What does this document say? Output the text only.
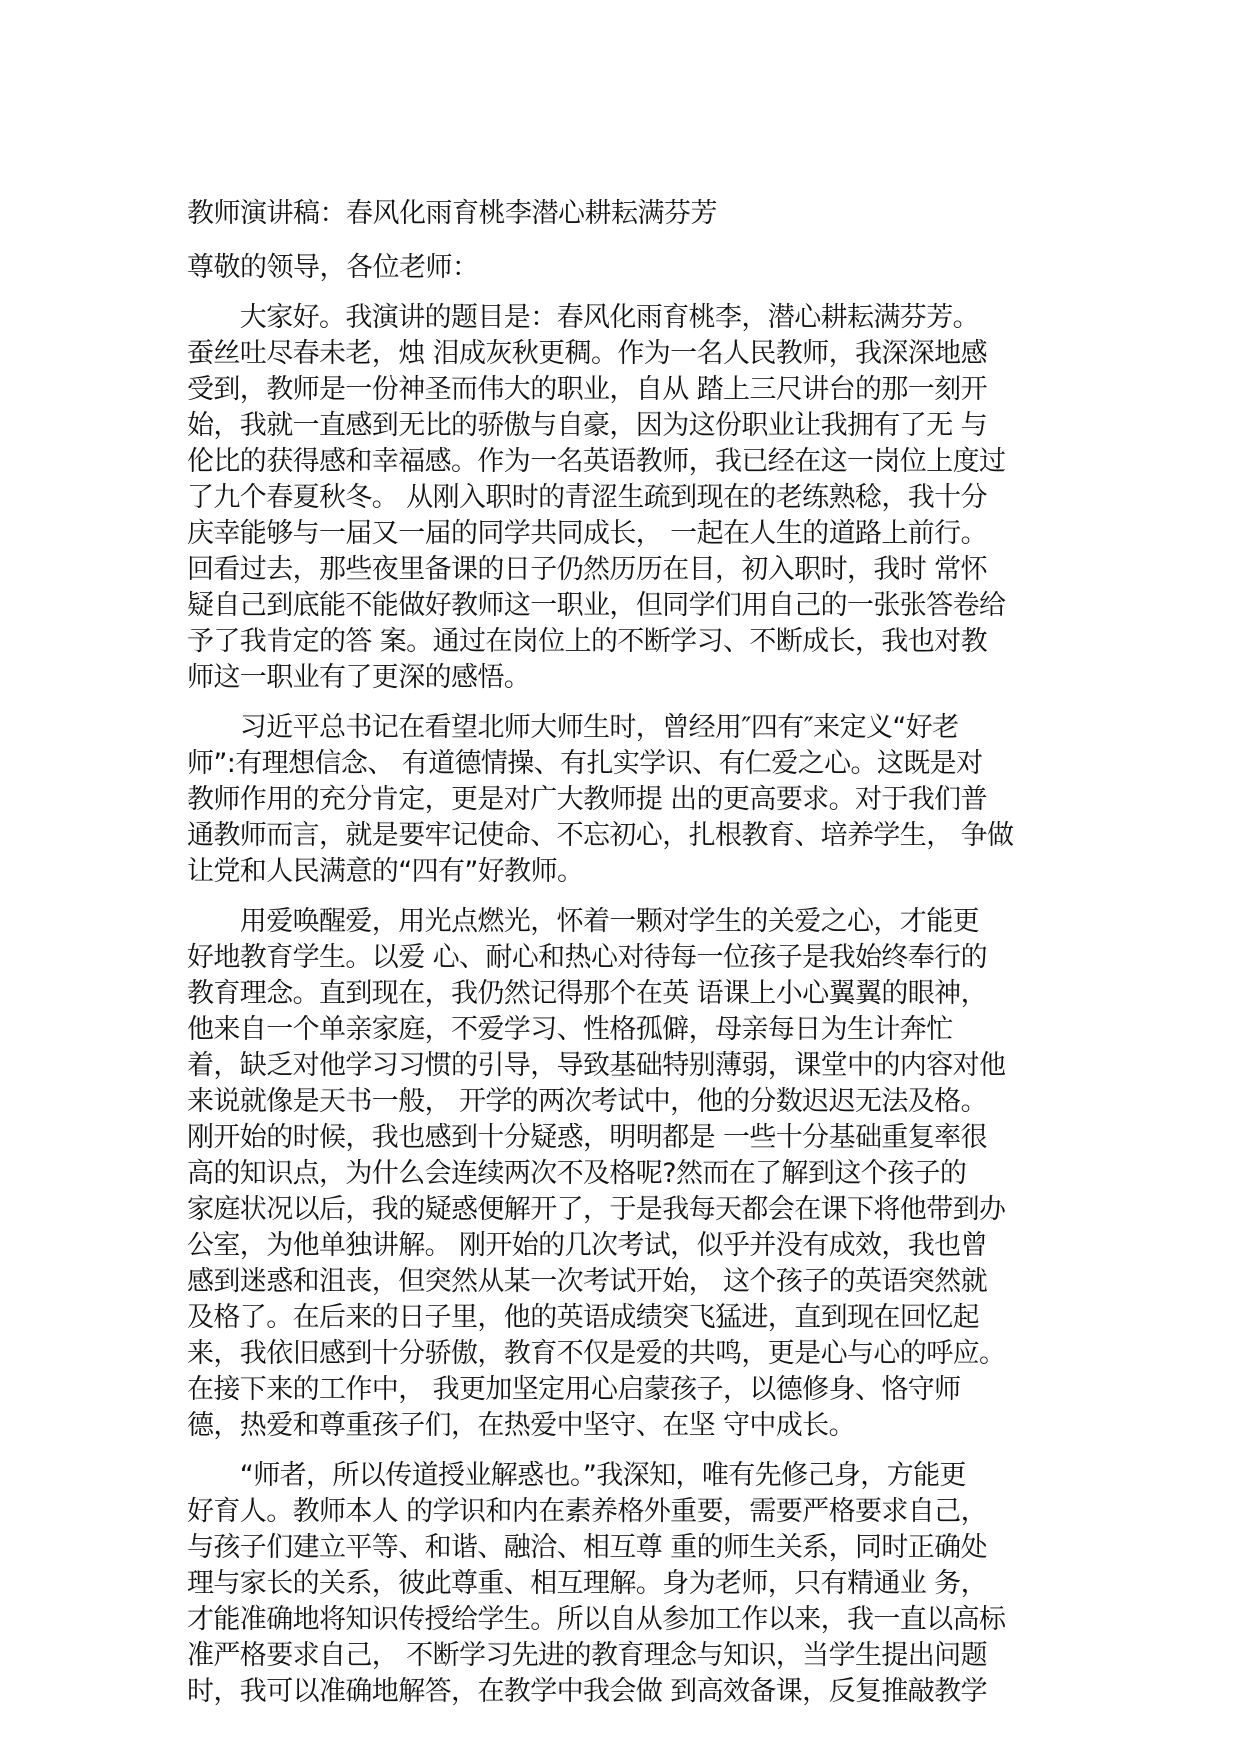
教师演讲稿：春风化雨育桃李潜心耕耘满芬芳

尊敬的领导，各位老师：

　　大家好。我演讲的题目是：春风化雨育桃李，潜心耕耘满芬芳。
蚕丝吐尽春未老，烛 泪成灰秋更稠。作为一名人民教师，我深深地感
受到，教师是一份神圣而伟大的职业，自从 踏上三尺讲台的那一刻开
始，我就一直感到无比的骄傲与自豪，因为这份职业让我拥有了无 与
伦比的获得感和幸福感。作为一名英语教师，我已经在这一岗位上度过
了九个春夏秋冬。 从刚入职时的青涩生疏到现在的老练熟稔，我十分
庆幸能够与一届又一届的同学共同成长， 一起在人生的道路上前行。
回看过去，那些夜里备课的日子仍然历历在目，初入职时，我时 常怀
疑自己到底能不能做好教师这一职业，但同学们用自己的一张张答卷给
予了我肯定的答 案。通过在岗位上的不断学习、不断成长，我也对教
师这一职业有了更深的感悟。
　　习近平总书记在看望北师大师生时，曾经用″四有″来定义“好老
师”:有理想信念、 有道德情操、有扎实学识、有仁爱之心。这既是对
教师作用的充分肯定，更是对广大教师提 出的更高要求。对于我们普
通教师而言，就是要牢记使命、不忘初心，扎根教育、培养学生， 争做
让党和人民满意的“四有”好教师。
　　用爱唤醒爱，用光点燃光，怀着一颗对学生的关爱之心，才能更
好地教育学生。以爱 心、耐心和热心对待每一位孩子是我始终奉行的
教育理念。直到现在，我仍然记得那个在英 语课上小心翼翼的眼神，
他来自一个单亲家庭，不爱学习、性格孤僻，母亲每日为生计奔忙
着，缺乏对他学习习惯的引导，导致基础特别薄弱，课堂中的内容对他
来说就像是天书一般， 开学的两次考试中，他的分数迟迟无法及格。
刚开始的时候，我也感到十分疑惑，明明都是 一些十分基础重复率很
高的知识点，为什么会连续两次不及格呢?然而在了解到这个孩子的
家庭状况以后，我的疑惑便解开了，于是我每天都会在课下将他带到办
公室，为他单独讲解。 刚开始的几次考试，似乎并没有成效，我也曾
感到迷惑和沮丧，但突然从某一次考试开始， 这个孩子的英语突然就
及格了。在后来的日子里，他的英语成绩突飞猛进，直到现在回忆起
来，我依旧感到十分骄傲，教育不仅是爱的共鸣，更是心与心的呼应。
在接下来的工作中， 我更加坚定用心启蒙孩子，以德修身、恪守师
德，热爱和尊重孩子们，在热爱中坚守、在坚 守中成长。
　　“师者，所以传道授业解惑也。”我深知，唯有先修己身，方能更
好育人。教师本人 的学识和内在素养格外重要，需要严格要求自己，
与孩子们建立平等、和谐、融洽、相互尊 重的师生关系，同时正确处
理与家长的关系，彼此尊重、相互理解。身为老师，只有精通业 务，
才能准确地将知识传授给学生。所以自从参加工作以来，我一直以高标
准严格要求自己， 不断学习先进的教育理念与知识，当学生提出问题
时，我可以准确地解答，在教学中我会做 到高效备课，反复推敲教学
